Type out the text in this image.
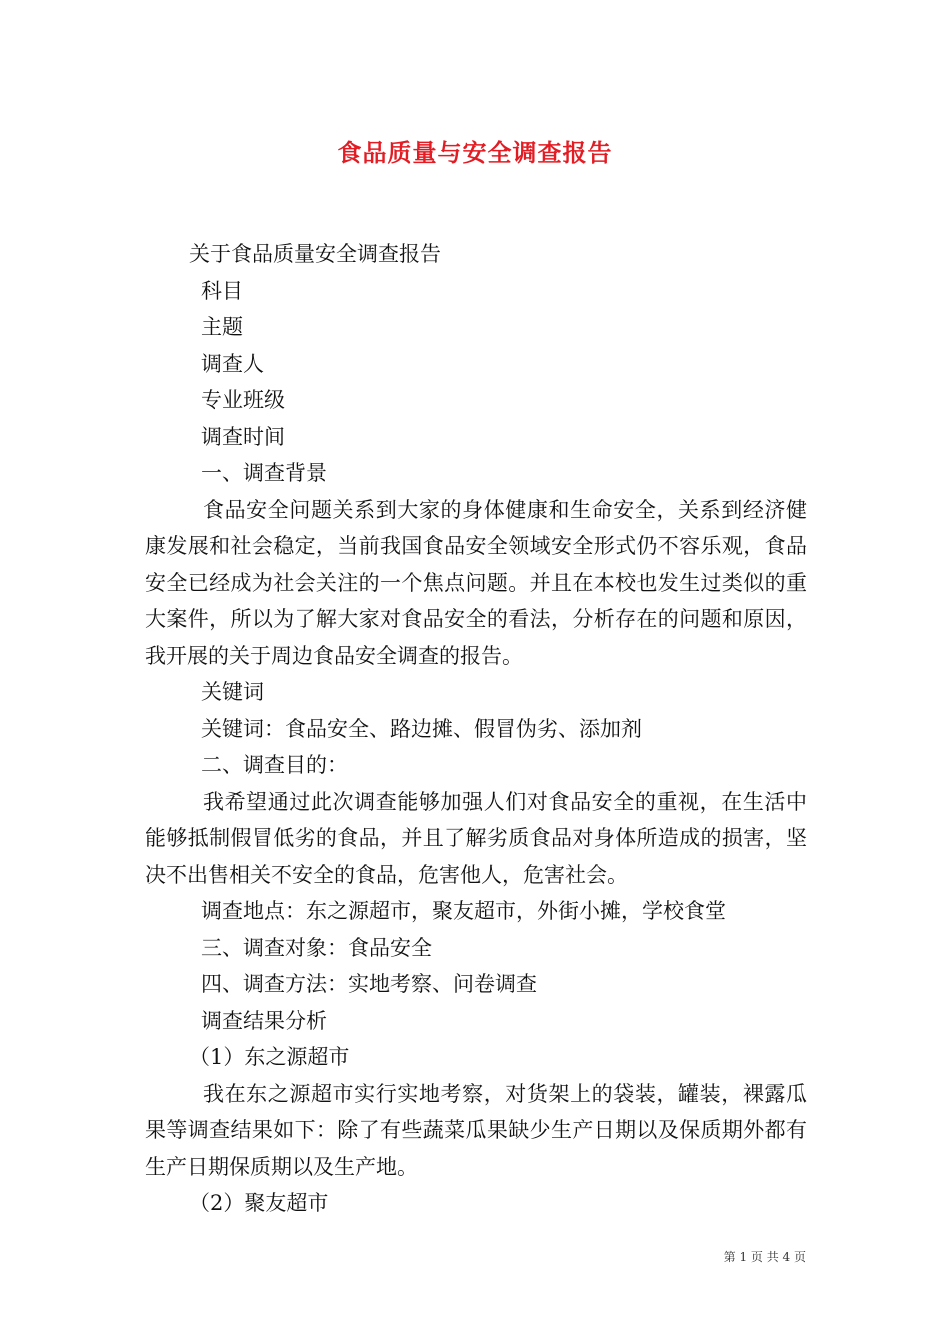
食品质量与安全调查报告

关于食品质量安全调查报告

科目

主题

调查人

专业班级

调查时间

一、调查背景

食品安全问题关系到大家的身体健康和生命安全，关系到经济健康发展和社会稳定，当前我国食品安全领域安全形式仍不容乐观，食品安全已经成为社会关注的一个焦点问题。并且在本校也发生过类似的重大案件，所以为了解大家对食品安全的看法，分析存在的问题和原因，我开展的关于周边食品安全调查的报告。

关键词

关键词：食品安全、路边摊、假冒伪劣、添加剂

二、调查目的：

我希望通过此次调查能够加强人们对食品安全的重视，在生活中能够抵制假冒低劣的食品，并且了解劣质食品对身体所造成的损害，坚决不出售相关不安全的食品，危害他人，危害社会。

调查地点：东之源超市，聚友超市，外街小摊，学校食堂

三、调查对象：食品安全

四、调查方法：实地考察、问卷调查

调查结果分析

（1）东之源超市

我在东之源超市实行实地考察，对货架上的袋装，罐装，裸露瓜果等调查结果如下：除了有些蔬菜瓜果缺少生产日期以及保质期外都有生产日期保质期以及生产地。

（2）聚友超市

第 1 页 共 4 页
